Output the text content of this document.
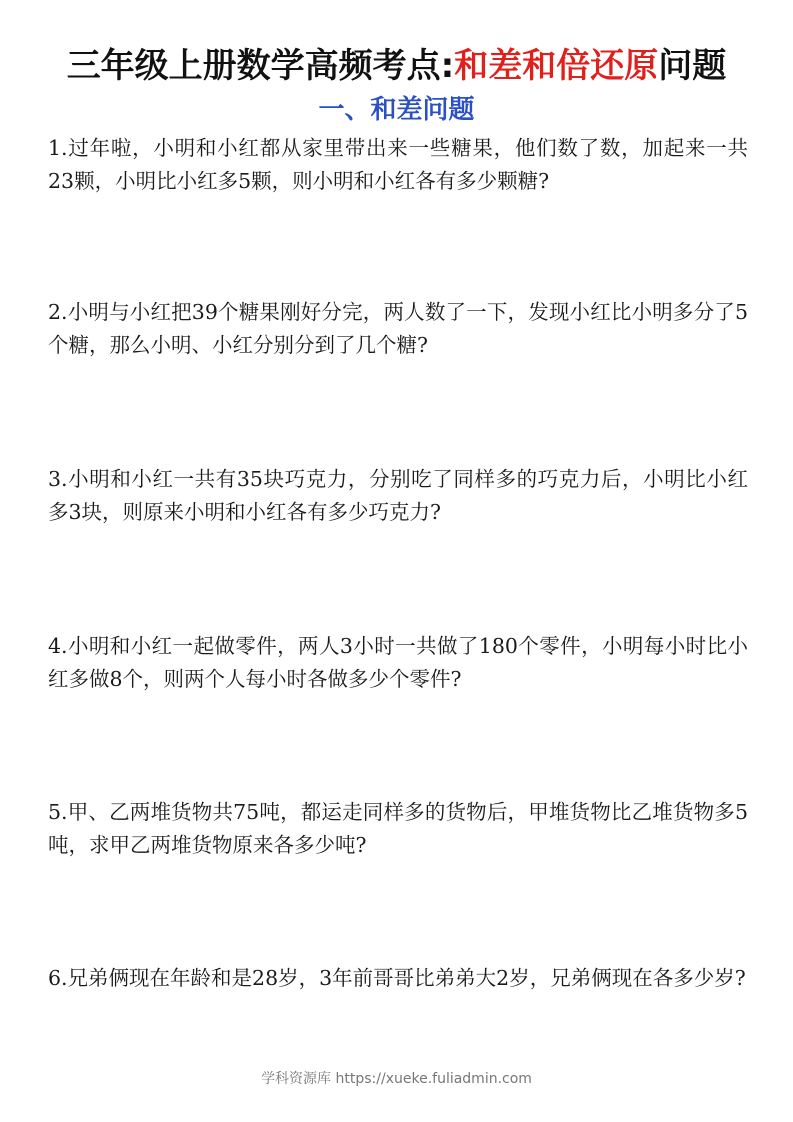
三年级上册数学高频考点:和差和倍还原问题
一、和差问题
1.过年啦，小明和小红都从家里带出来一些糖果，他们数了数，加起来一共23颗，小明比小红多5颗，则小明和小红各有多少颗糖?
2.小明与小红把39个糖果刚好分完，两人数了一下，发现小红比小明多分了5个糖，那么小明、小红分别分到了几个糖?
3.小明和小红一共有35块巧克力，分别吃了同样多的巧克力后，小明比小红多3块，则原来小明和小红各有多少巧克力?
4.小明和小红一起做零件，两人3小时一共做了180个零件，小明每小时比小红多做8个，则两个人每小时各做多少个零件?
5.甲、乙两堆货物共75吨，都运走同样多的货物后，甲堆货物比乙堆货物多5吨，求甲乙两堆货物原来各多少吨?
6.兄弟俩现在年龄和是28岁，3年前哥哥比弟弟大2岁，兄弟俩现在各多少岁?
学科资源库 https://xueke.fuliadmin.com
